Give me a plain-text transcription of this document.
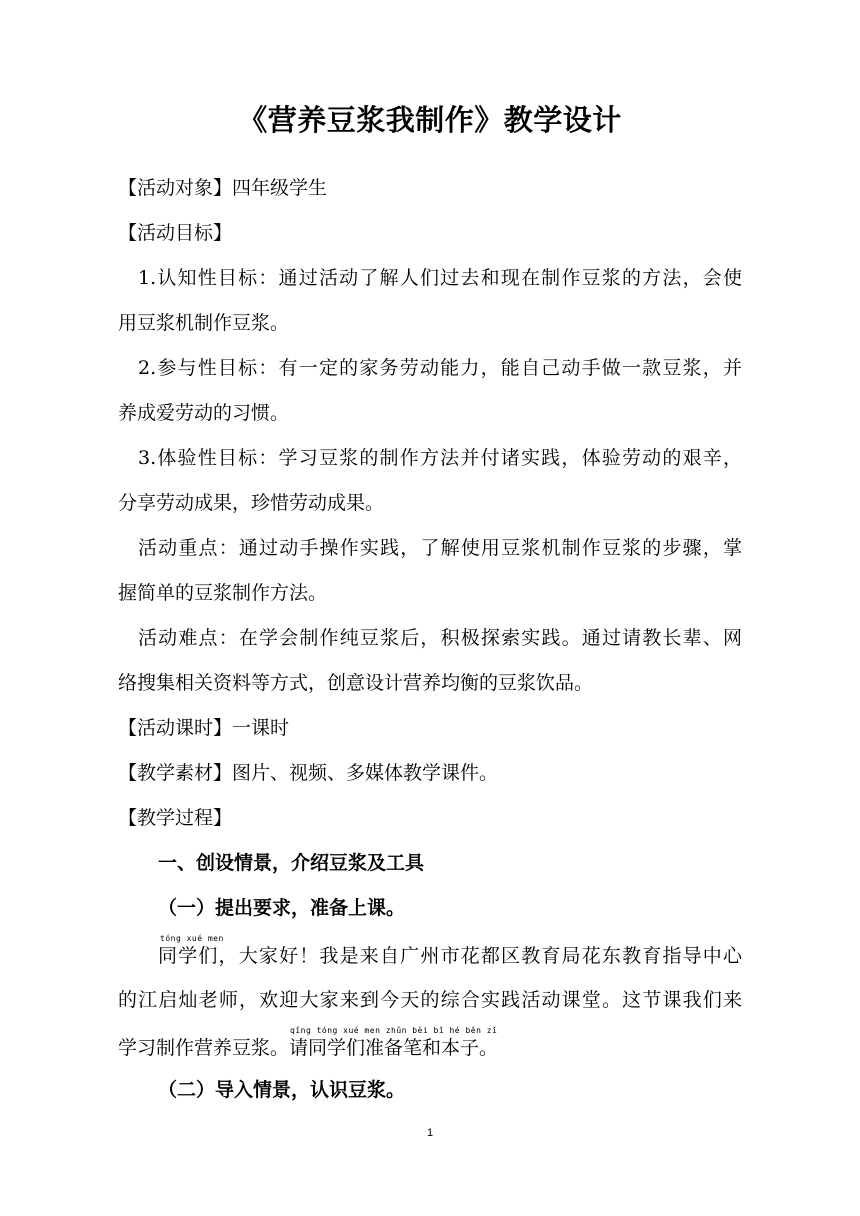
《营养豆浆我制作》教学设计
【活动对象】四年级学生
【活动目标】
1.认知性目标：通过活动了解人们过去和现在制作豆浆的方法，会使
用豆浆机制作豆浆。
2.参与性目标：有一定的家务劳动能力，能自己动手做一款豆浆，并
养成爱劳动的习惯。
3.体验性目标：学习豆浆的制作方法并付诸实践，体验劳动的艰辛，
分享劳动成果，珍惜劳动成果。
活动重点：通过动手操作实践，了解使用豆浆机制作豆浆的步骤，掌
握简单的豆浆制作方法。
活动难点：在学会制作纯豆浆后，积极探索实践。通过请教长辈、网
络搜集相关资料等方式，创意设计营养均衡的豆浆饮品。
【活动课时】一课时
【教学素材】图片、视频、多媒体教学课件。
【教学过程】
一、创设情景，介绍豆浆及工具
（一）提出要求，准备上课。
tóng xué men
同学们，大家好！我是来自广州市花都区教育局花东教育指导中心
的江启灿老师，欢迎大家来到今天的综合实践活动课堂。这节课我们来
qǐng tóng xué men zhǔn bèi bǐ hé běn zǐ
学习制作营养豆浆。请同学们准备笔和本子。
（二）导入情景，认识豆浆。
1
